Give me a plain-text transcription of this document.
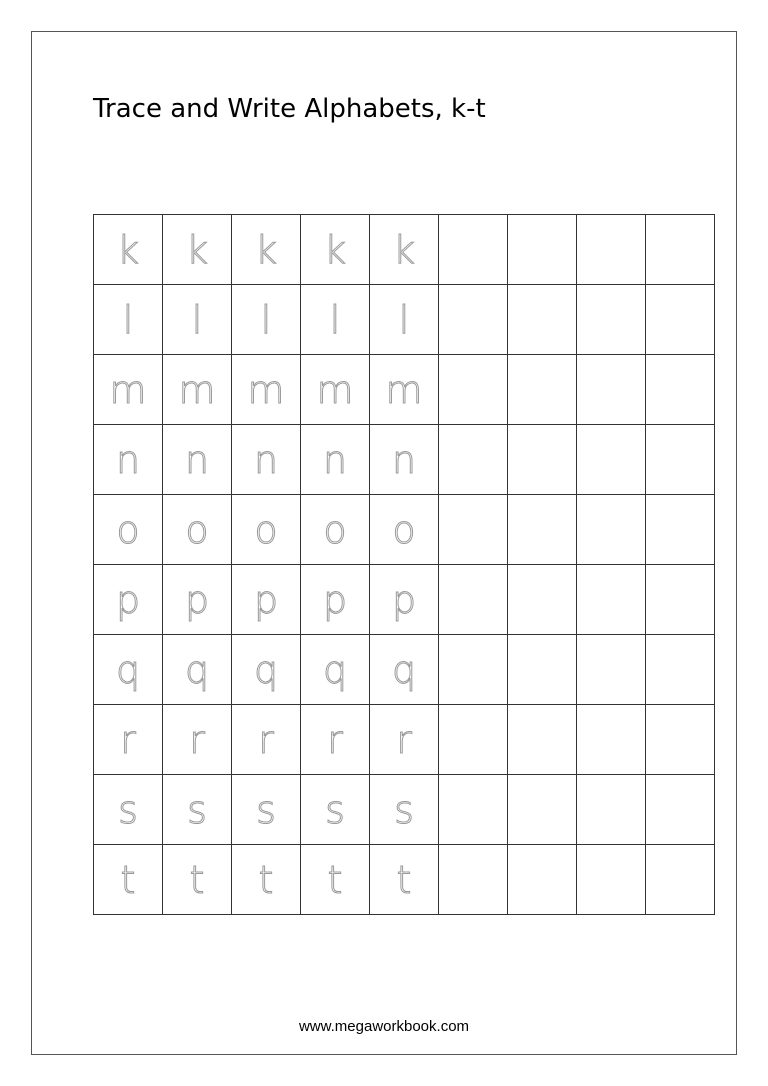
Trace and Write Alphabets, k-t
k	k	k	k	k				
l	l	l	l	l				
m	m	m	m	m				
n	n	n	n	n				
o	o	o	o	o				
p	p	p	p	p				
q	q	q	q	q				
r	r	r	r	r				
s	s	s	s	s				
t	t	t	t	t				
www.megaworkbook.com
